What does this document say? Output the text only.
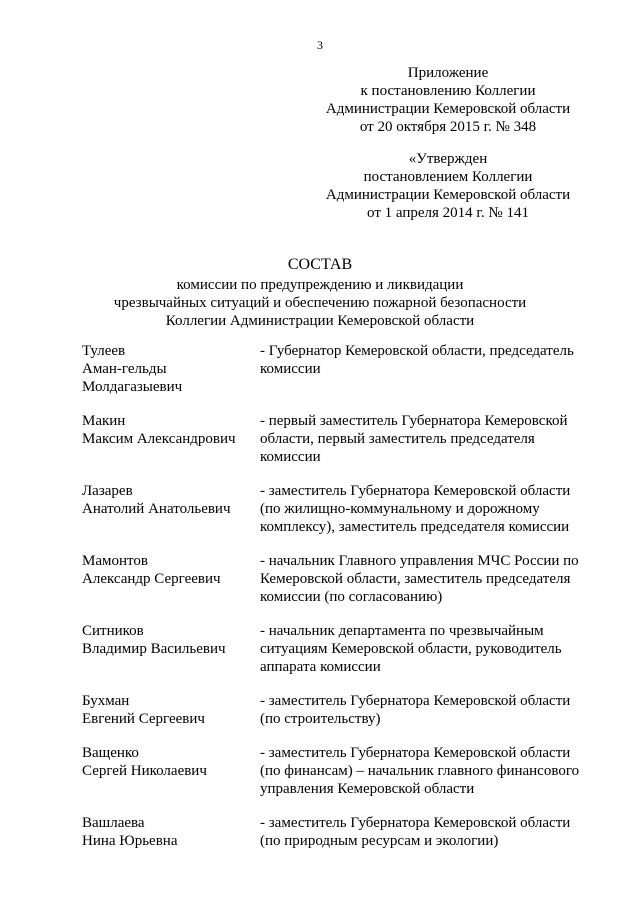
3
Приложение
к постановлению Коллегии
Администрации Кемеровской области
от 20 октября 2015 г. № 348
«Утвержден
постановлением Коллегии
Администрации Кемеровской области
от 1 апреля 2014 г. № 141
СОСТАВ
комиссии по предупреждению и ликвидации
чрезвычайных ситуаций и обеспечению пожарной безопасности
Коллегии Администрации Кемеровской области
Тулеев
Аман-гельды
Молдагазыевич
- Губернатор Кемеровской области, председатель
комиссии
Макин
Максим Александрович
- первый заместитель Губернатора Кемеровской
области, первый заместитель председателя
комиссии
Лазарев
Анатолий Анатольевич
- заместитель Губернатора Кемеровской области
(по жилищно-коммунальному и дорожному
комплексу), заместитель председателя комиссии
Мамонтов
Александр Сергеевич
- начальник Главного управления МЧС России по
Кемеровской области, заместитель председателя
комиссии (по согласованию)
Ситников
Владимир Васильевич
- начальник департамента по чрезвычайным
ситуациям Кемеровской области, руководитель
аппарата комиссии
Бухман
Евгений Сергеевич
- заместитель Губернатора Кемеровской области
(по строительству)
Ващенко
Сергей Николаевич
- заместитель Губернатора Кемеровской области
(по финансам) – начальник главного финансового
управления Кемеровской области
Вашлаева
Нина Юрьевна
- заместитель Губернатора Кемеровской области
(по природным ресурсам и экологии)
